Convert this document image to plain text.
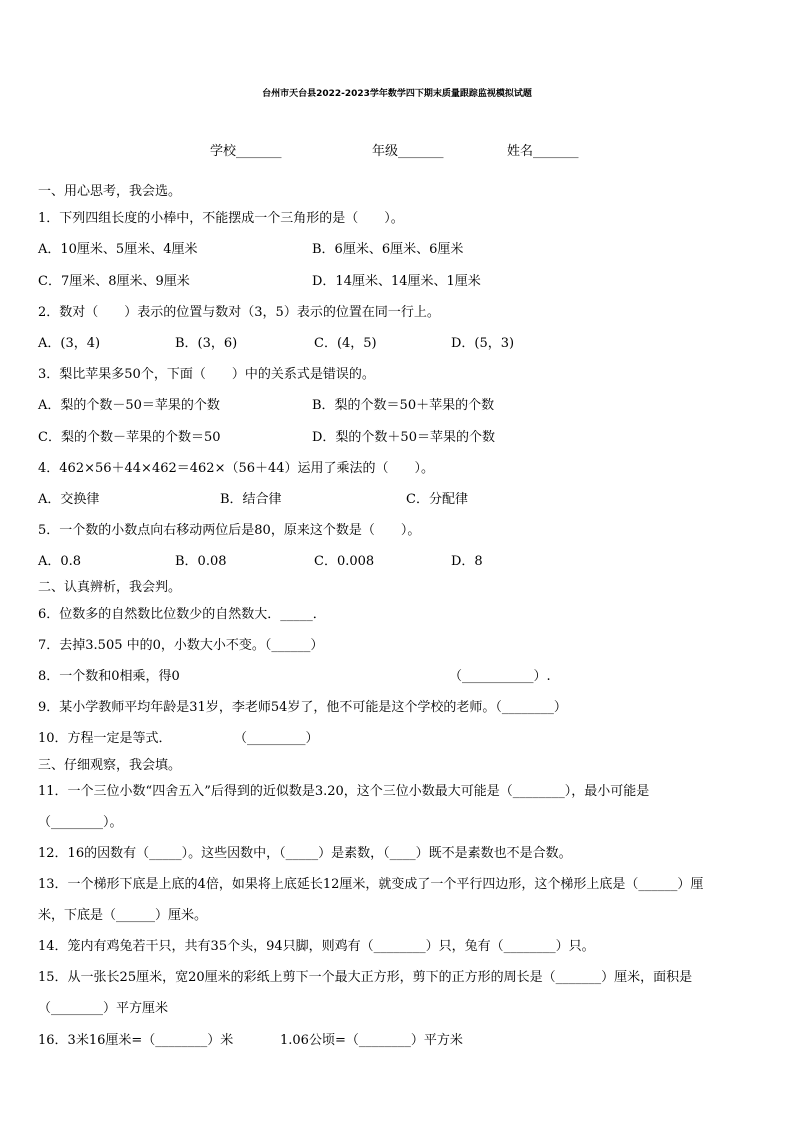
台州市天台县2022-2023学年数学四下期末质量跟踪监视模拟试题
学校_______	年级_______	姓名_______
一、用心思考，我会选。
1．下列四组长度的小棒中，不能摆成一个三角形的是（　　）。
A．10厘米、5厘米、4厘米	B．6厘米、6厘米、6厘米
C．7厘米、8厘米、9厘米	D．14厘米、14厘米、1厘米
2．数对（　　）表示的位置与数对（3，5）表示的位置在同一行上。
A．(3，4)	B．(3，6)	C．(4，5)	D．(5，3)
3．梨比苹果多50个，下面（　　）中的关系式是错误的。
A．梨的个数－50＝苹果的个数	B．梨的个数＝50＋苹果的个数
C．梨的个数－苹果的个数＝50	D．梨的个数＋50＝苹果的个数
4．462×56＋44×462＝462×（56＋44）运用了乘法的（　　）。
A．交换律	B．结合律	C．分配律
5．一个数的小数点向右移动两位后是80，原来这个数是（　　）。
A．0.8	B．0.08	C．0.008	D．8
二、认真辨析，我会判。
6．位数多的自然数比位数少的自然数大．_____．
7．去掉3.505 中的0，小数大小不变。（______）
8．一个数和0相乘，得0	（___________）.
9．某小学教师平均年龄是31岁，李老师54岁了，他不可能是这个学校的老师。（________）
10．方程一定是等式．	（_________）
三、仔细观察，我会填。
11．一个三位小数“四舍五入”后得到的近似数是3.20，这个三位小数最大可能是（________），最小可能是
（________）。
12．16的因数有（_____）。这些因数中，（_____）是素数，（____）既不是素数也不是合数。
13．一个梯形下底是上底的4倍，如果将上底延长12厘米，就变成了一个平行四边形，这个梯形上底是（______）厘
米，下底是（______）厘米。
14．笼内有鸡兔若干只，共有35个头，94只脚，则鸡有（________）只，兔有（________）只。
15．从一张长25厘米，宽20厘米的彩纸上剪下一个最大正方形，剪下的正方形的周长是（_______）厘米，面积是
（________）平方厘米
16．3米16厘米=（________）米	1.06公顷=（________）平方米
